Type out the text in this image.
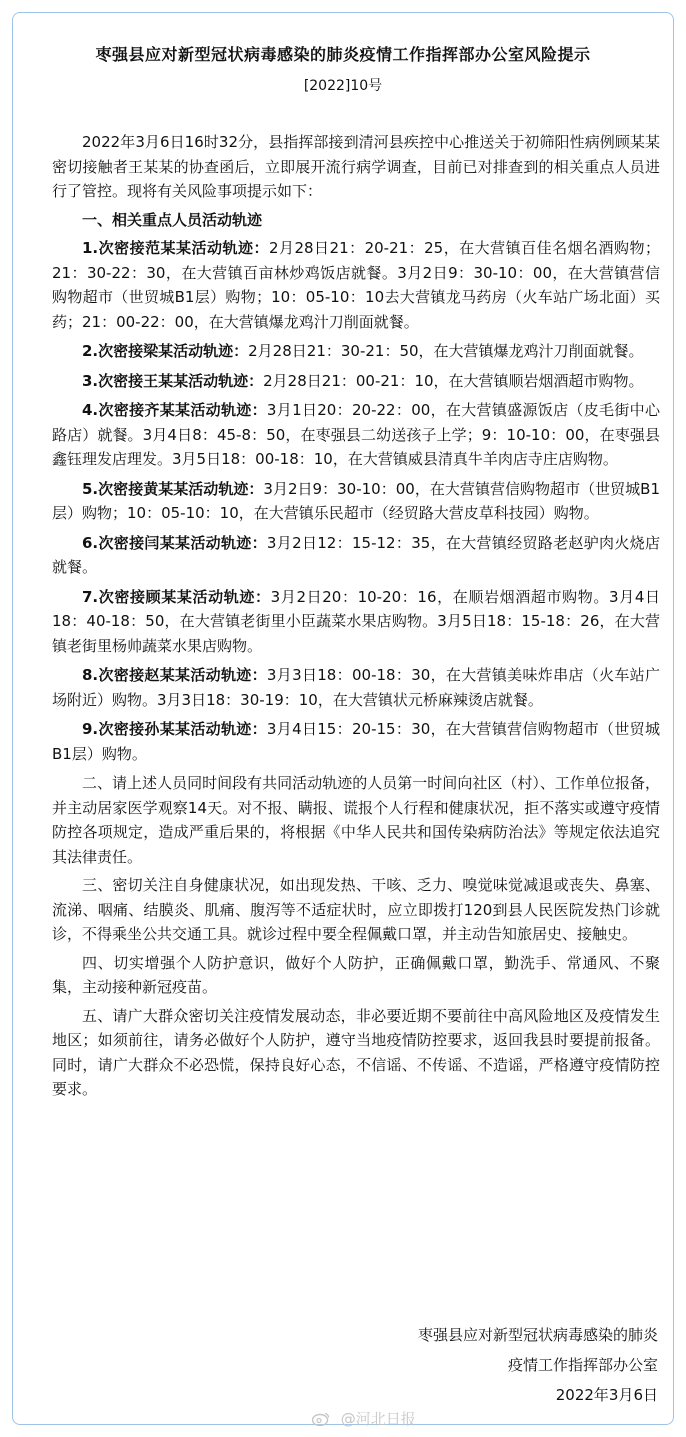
枣强县应对新型冠状病毒感染的肺炎疫情工作指挥部办公室风险提示
[2022]10号

2022年3月6日16时32分，县指挥部接到清河县疾控中心推送关于初筛阳性病例顾某某密切接触者王某某的协查函后，立即展开流行病学调查，目前已对排查到的相关重点人员进行了管控。现将有关风险事项提示如下：

一、相关重点人员活动轨迹

1.次密接范某某活动轨迹：2月28日21：20-21：25，在大营镇百佳名烟名酒购物；21：30-22：30，在大营镇百亩林炒鸡饭店就餐。3月2日9：30-10：00，在大营镇营信购物超市（世贸城B1层）购物；10：05-10：10去大营镇龙马药房（火车站广场北面）买药；21：00-22：00，在大营镇爆龙鸡汁刀削面就餐。

2.次密接梁某活动轨迹：2月28日21：30-21：50，在大营镇爆龙鸡汁刀削面就餐。

3.次密接王某某活动轨迹：2月28日21：00-21：10，在大营镇顺岩烟酒超市购物。

4.次密接齐某某活动轨迹：3月1日20：20-22：00，在大营镇盛源饭店（皮毛街中心路店）就餐。3月4日8：45-8：50，在枣强县二幼送孩子上学；9：10-10：00，在枣强县鑫钰理发店理发。3月5日18：00-18：10，在大营镇威县清真牛羊肉店寺庄店购物。

5.次密接黄某某活动轨迹：3月2日9：30-10：00，在大营镇营信购物超市（世贸城B1层）购物；10：05-10：10，在大营镇乐民超市（经贸路大营皮草科技园）购物。

6.次密接闫某某活动轨迹：3月2日12：15-12：35，在大营镇经贸路老赵驴肉火烧店就餐。

7.次密接顾某某活动轨迹：3月2日20：10-20：16，在顺岩烟酒超市购物。3月4日18：40-18：50，在大营镇老街里小臣蔬菜水果店购物。3月5日18：15-18：26，在大营镇老街里杨帅蔬菜水果店购物。

8.次密接赵某某活动轨迹：3月3日18：00-18：30，在大营镇美味炸串店（火车站广场附近）购物。3月3日18：30-19：10，在大营镇状元桥麻辣烫店就餐。

9.次密接孙某某活动轨迹：3月4日15：20-15：30，在大营镇营信购物超市（世贸城B1层）购物。

二、请上述人员同时间段有共同活动轨迹的人员第一时间向社区（村）、工作单位报备，并主动居家医学观察14天。对不报、瞒报、谎报个人行程和健康状况，拒不落实或遵守疫情防控各项规定，造成严重后果的，将根据《中华人民共和国传染病防治法》等规定依法追究其法律责任。

三、密切关注自身健康状况，如出现发热、干咳、乏力、嗅觉味觉减退或丧失、鼻塞、流涕、咽痛、结膜炎、肌痛、腹泻等不适症状时，应立即拨打120到县人民医院发热门诊就诊，不得乘坐公共交通工具。就诊过程中要全程佩戴口罩，并主动告知旅居史、接触史。

四、切实增强个人防护意识，做好个人防护，正确佩戴口罩，勤洗手、常通风、不聚集，主动接种新冠疫苗。

五、请广大群众密切关注疫情发展动态，非必要近期不要前往中高风险地区及疫情发生地区；如须前往，请务必做好个人防护，遵守当地疫情防控要求，返回我县时要提前报备。同时，请广大群众不必恐慌，保持良好心态，不信谣、不传谣、不造谣，严格遵守疫情防控要求。

枣强县应对新型冠状病毒感染的肺炎
疫情工作指挥部办公室
2022年3月6日
@河北日报
